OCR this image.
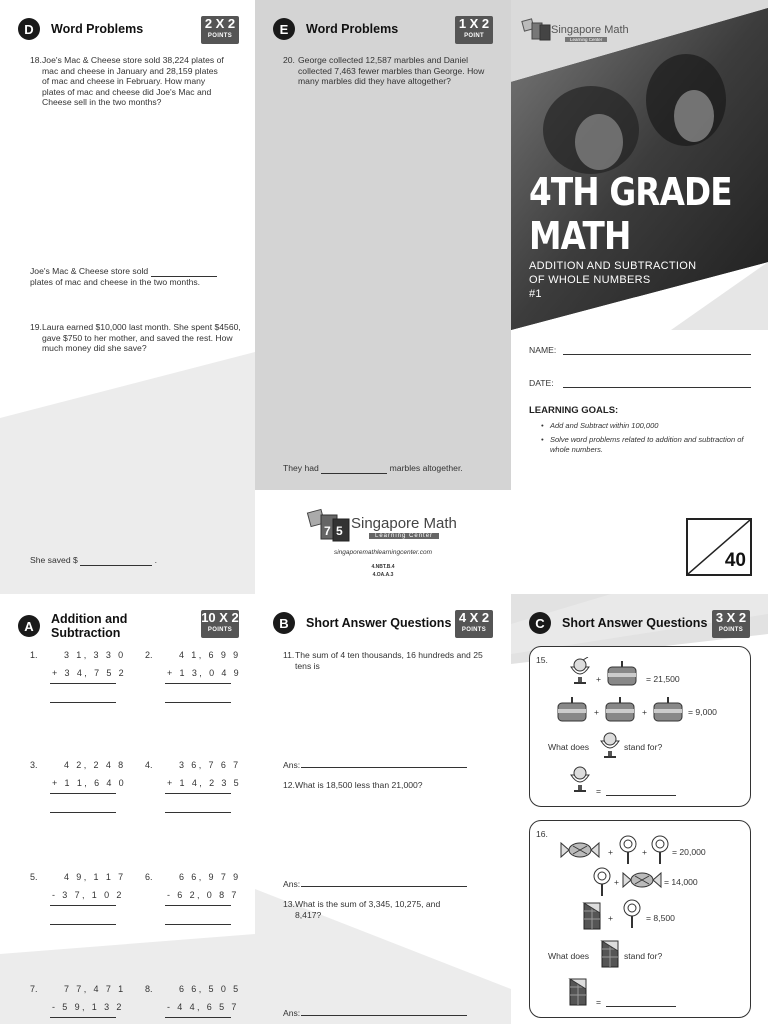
D	Word Problems	2 X 2
POINTS
18. Joe's Mac & Cheese store sold 38,224 plates of mac and cheese in January and 28,159 plates of mac and cheese in February. How many plates of mac and cheese did Joe's Mac and Cheese sell in the two months?
Joe's Mac & Cheese store sold
plates of mac and cheese in the two months.
19. Laura earned $10,000 last month. She spent $4560, gave $750 to her mother, and saved the rest. How much money did she save?
She saved $	.
E	Word Problems	1 X 2
POINT
20. George collected 12,587 marbles and Daniel collected 7,463 fewer marbles than George. How many marbles did they have altogether?
They had	marbles altogether.
7 5 Singapore Math
Learning Center
singaporemathlearningcenter.com
4.NBT.B.4
4.OA.A.3
Singapore Math
Learning Center
4TH GRADE
MATH
ADDITION AND SUBTRACTION
OF WHOLE NUMBERS
#1
NAME:
DATE:
LEARNING GOALS:
• Add and Subtract within 100,000
• Solve word problems related to addition and subtraction of whole numbers.
40
A	Addition and
Subtraction
10 X 2
POINTS
1.	3 1, 3 3 0
+ 3 4, 7 5 2
2.	4 1, 6 9 9
+ 1 3, 0 4 9
3.	4 2, 2 4 8
+ 1 1, 6 4 0
4.	3 6, 7 6 7
+ 1 4, 2 3 5
5.	4 9, 1 1 7
- 3 7, 1 0 2
6.	6 6, 9 7 9
- 6 2, 0 8 7
7.	7 7, 4 7 1
- 5 9, 1 3 2
8.	6 6, 5 0 5
- 4 4, 6 5 7
B	Short Answer Questions 4 X 2
POINTS
11. The sum of 4 ten thousands, 16 hundreds and 25 tens is
Ans:
12. What is 18,500 less than 21,000?
Ans:
13. What is the sum of 3,345, 10,275, and 8,417?
Ans:
C	Short Answer Questions 3 X 2
POINTS
15.
+	= 21,500
+	+	= 9,000
What does	stand for?
=
16.
+	+	= 20,000
+	= 14,000
+	= 8,500
What does	stand for?
=
